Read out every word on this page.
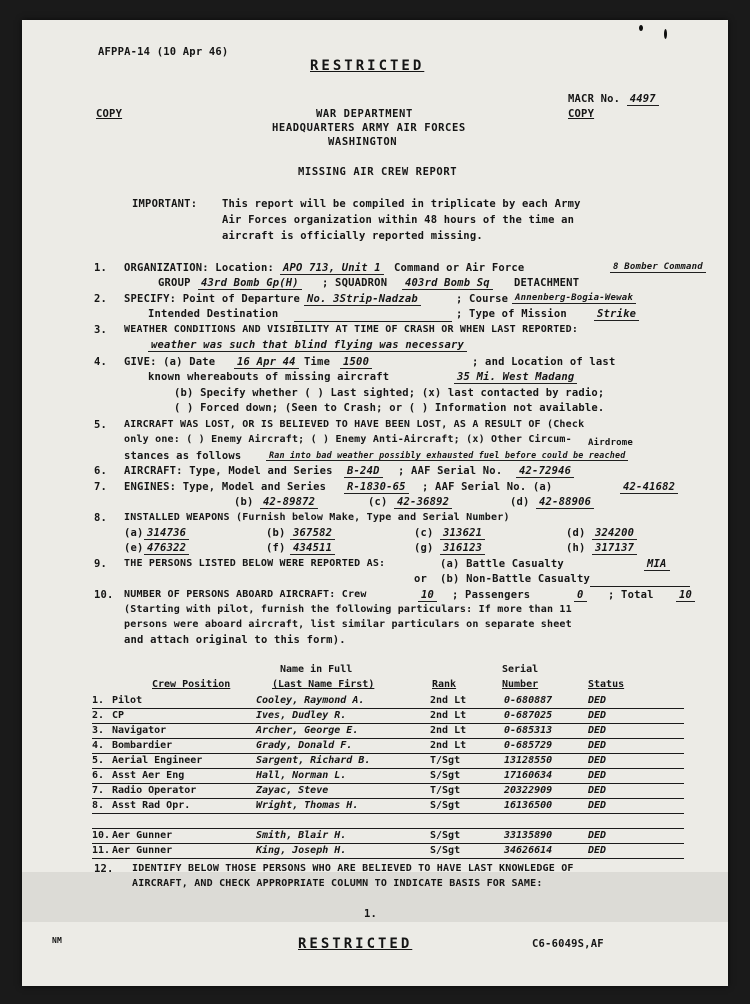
AFPPA-14 (10 Apr 46)
RESTRICTED
COPY
MACR No. 4497
COPY
WAR DEPARTMENT
HEADQUARTERS ARMY AIR FORCES
WASHINGTON
MISSING AIR CREW REPORT
IMPORTANT: This report will be compiled in triplicate by each Army
Air Forces organization within 48 hours of the time an
aircraft is officially reported missing.
1. ORGANIZATION: Location: APO 713, Unit 1 Command or Air Force	8 Bomber Command
GROUP 43rd Bomb Gp(H) ; SQUADRON 403rd Bomb Sq DETACHMENT
2. SPECIFY: Point of Departure No. 3Strip-Nadzab	; Course Annenberg-Bogia-Wewak
Intended Destination	; Type of Mission	Strike
3. WEATHER CONDITIONS AND VISIBILITY AT TIME OF CRASH OR WHEN LAST REPORTED:
weather was such that blind flying was necessary
4. GIVE: (a) Date 16 Apr 44 Time 1500	; and Location of last
known whereabouts of missing aircraft	35 Mi. West Madang
(b) Specify whether ( ) Last sighted; (x) last contacted by radio;
( ) Forced down; (Seen to Crash; or ( ) Information not available.
5. AIRCRAFT WAS LOST, OR IS BELIEVED TO HAVE BEEN LOST, AS A RESULT OF (Check
only one: ( ) Enemy Aircraft; ( ) Enemy Anti-Aircraft; (x) Other Circum-
stances as follows	Ran into bad weather possibly exhausted fuel before could be reached
Airdrome
6. AIRCRAFT: Type, Model and Series B-24D ; AAF Serial No. 42-72946
7. ENGINES: Type, Model and Series R-1830-65 ; AAF Serial No. (a)	42-41682
(b) 42-89872	(c) 42-36892	(d) 42-88906
8. INSTALLED WEAPONS (Furnish below Make, Type and Serial Number)
(a) 314736	(b) 367582	(c) 313621	(d) 324200
(e) 476322	(f) 434511	(g) 316123	(h) 317137
9. THE PERSONS LISTED BELOW WERE REPORTED AS:	(a) Battle Casualty	MIA
or (b) Non-Battle Casualty
10. NUMBER OF PERSONS ABOARD AIRCRAFT: Crew	10 ; Passengers	0 ; Total 10
(Starting with pilot, furnish the following particulars: If more than 11
persons were aboard aircraft, list similar particulars on separate sheet
and attach original to this form).
Name in Full	Serial
Crew Position	(Last Name First)	Rank	Number	Status
1. Pilot	Cooley, Raymond A.	2nd Lt	0-680887	DED
2. CP	Ives, Dudley R.	2nd Lt	0-687025	DED
3. Navigator	Archer, George E.	2nd Lt	0-685313	DED
4. Bombardier	Grady, Donald F.	2nd Lt	0-685729	DED
5. Aerial Engineer	Sargent, Richard B.	T/Sgt	13128550	DED
6. Asst Aer Eng	Hall, Norman L.	S/Sgt	17160634	DED
7. Radio Operator	Zayac, Steve	T/Sgt	20322909	DED
8. Asst Rad Opr.	Wright, Thomas H.	S/Sgt	16136500	DED
10. Aer Gunner	Smith, Blair H.	S/Sgt	33135890	DED
11. Aer Gunner	King, Joseph H.	S/Sgt	34626614	DED
12. IDENTIFY BELOW THOSE PERSONS WHO ARE BELIEVED TO HAVE LAST KNOWLEDGE OF
AIRCRAFT, AND CHECK APPROPRIATE COLUMN TO INDICATE BASIS FOR SAME:
1.
NM	RESTRICTED	C6-6049S,AF
